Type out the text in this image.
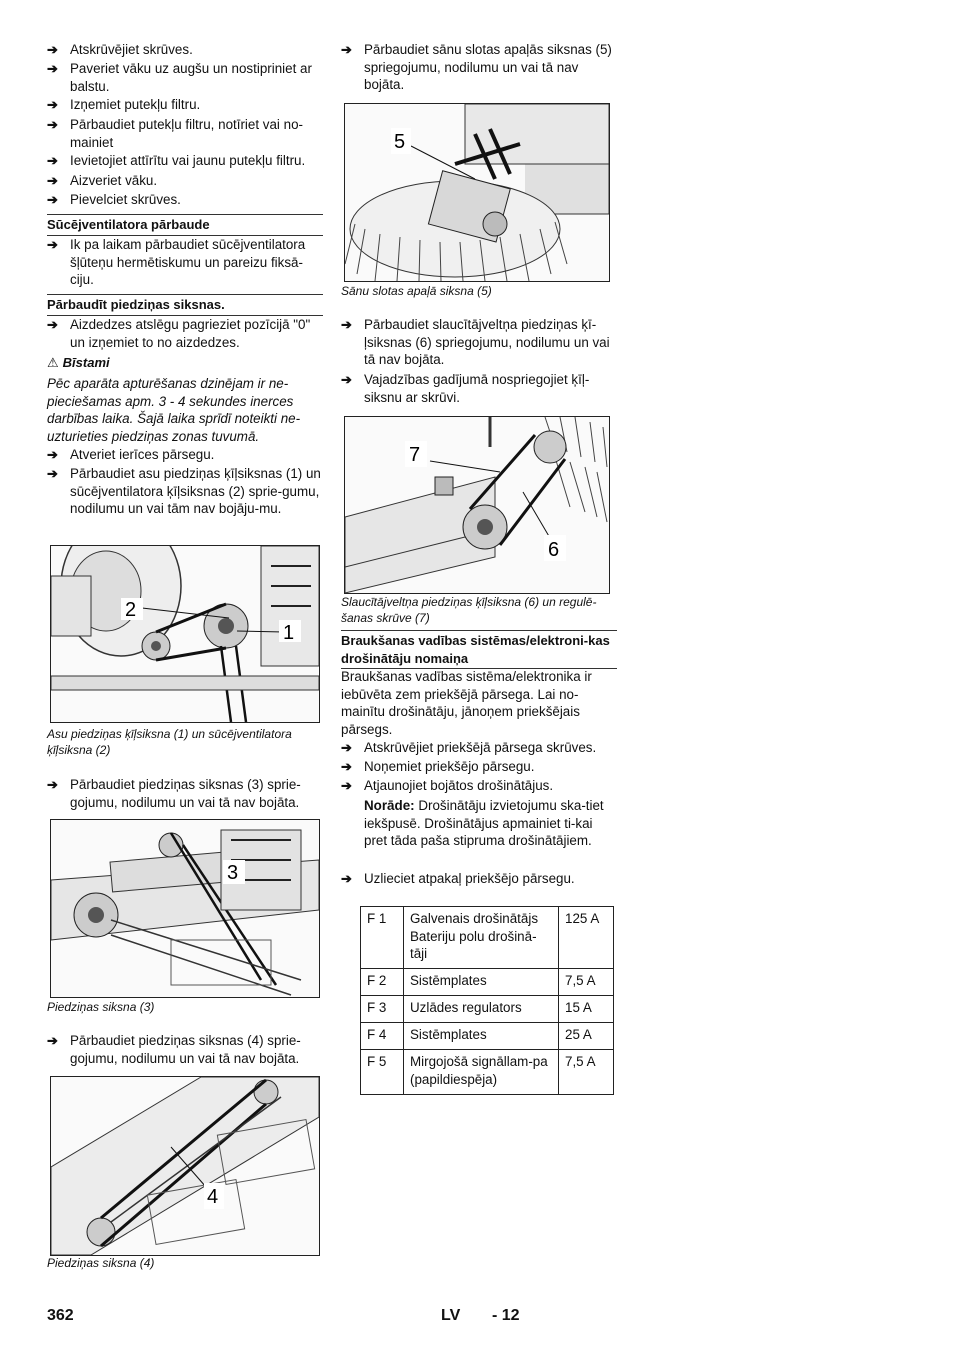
➔ Atskrūvējiet skrūves.
➔ Paveriet vāku uz augšu un nostipriniet ar balstu.
➔ Izņemiet putekļu filtru.
➔ Pārbaudiet putekļu filtru, notīriet vai no-mainiet
➔ Ievietojiet attīrītu vai jaunu putekļu filtru.
➔ Aizveriet vāku.
➔ Pievelciet skrūves.
Sūcējventilatora pārbaude
➔ Ik pa laikam pārbaudiet sūcējventilatora šļūteņu hermētiskumu un pareizu fiksā-ciju.
Pārbaudīt piedziņas siksnas.
➔ Aizdedzes atslēgu pagrieziet pozīcijā "0" un izņemiet to no aizdedzes.
⚠ Bīstami
Pēc aparāta apturēšanas dzinējam ir ne-pieciešamas apm. 3 - 4 sekundes inerces darbības laika. Šajā laika sprīdī noteikti ne-uzturieties piedziņas zonas tuvumā.
➔ Atveriet ierīces pārsegu.
➔ Pārbaudiet asu piedziņas ķīļsiksnas (1) un sūcējventilatora ķīļsiksnas (2) sprie-gumu, nodilumu un vai tām nav bojāju-mu.
2
1
Asu piedziņas ķīļsiksna (1) un sūcējventilatora ķīļsiksna (2)
➔ Pārbaudiet piedziņas siksnas (3) sprie-gojumu, nodilumu un vai tā nav bojāta.
3
Piedziņas siksna (3)
➔ Pārbaudiet piedziņas siksnas (4) sprie-gojumu, nodilumu un vai tā nav bojāta.
4
Piedziņas siksna (4)
➔ Pārbaudiet sānu slotas apaļās siksnas (5) spriegojumu, nodilumu un vai tā nav bojāta.
5
Sānu slotas apaļā siksna (5)
➔ Pārbaudiet slaucītājveltņa piedziņas ķī-ļsiksnas (6) spriegojumu, nodilumu un vai tā nav bojāta.
➔ Vajadzības gadījumā nospriegojiet ķīļ-siksnu ar skrūvi.
7
6
Slaucītājveltņa piedziņas ķīļsiksna (6) un regulē-šanas skrūve (7)
Braukšanas vadības sistēmas/elektroni-kas drošinātāju nomaiņa
Braukšanas vadības sistēma/elektronika ir iebūvēta zem priekšējā pārsega. Lai no-mainītu drošinātāju, jānoņem priekšējais pārsegs.
➔ Atskrūvējiet priekšējā pārsega skrūves.
➔ Noņemiet priekšējo pārsegu.
➔ Atjaunojiet bojātos drošinātājus.
Norāde: Drošinātāju izvietojumu ska-tiet iekšpusē. Drošinātājus apmainiet ti-kai pret tāda paša stipruma drošinātājiem.
➔ Uzlieciet atpakaļ priekšējo pārsegu.
F 1	Galvenais drošinātājs Bateriju polu drošinā-tāji	125 A
F 2	Sistēmplates	7,5 A
F 3	Uzlādes regulators	15 A
F 4	Sistēmplates	25 A
F 5	Mirgojošā signāllam-pa (papildiespēja)	7,5 A
362	LV - 12
